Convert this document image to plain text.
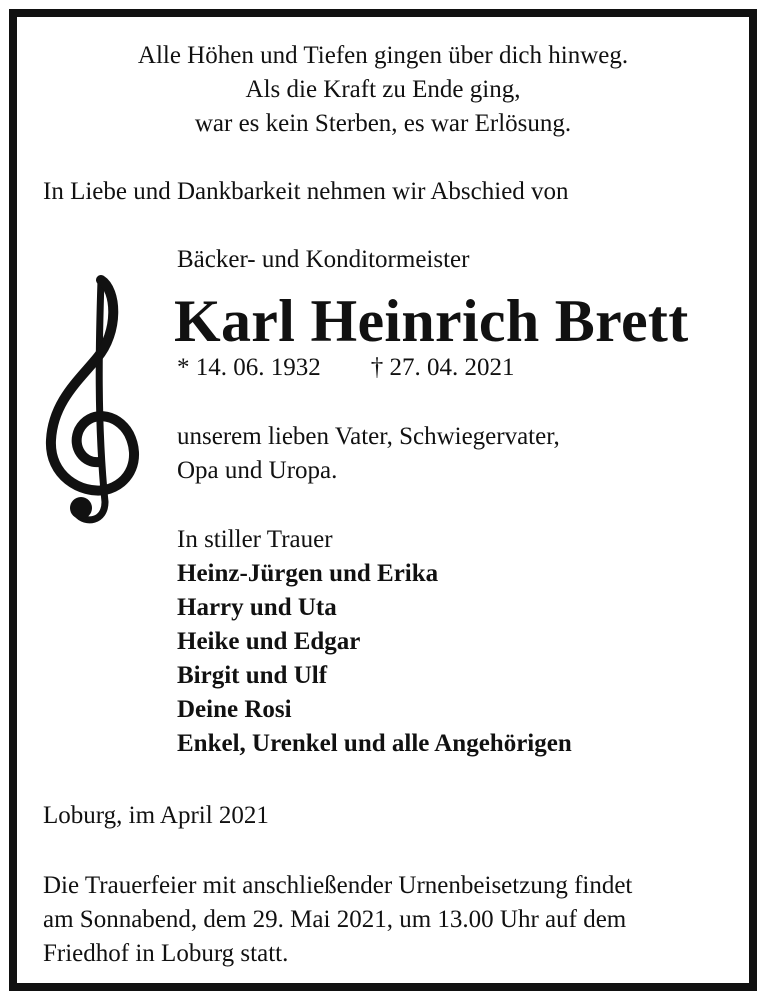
Alle Höhen und Tiefen gingen über dich hinweg.
Als die Kraft zu Ende ging,
war es kein Sterben, es war Erlösung.
In Liebe und Dankbarkeit nehmen wir Abschied von
Bäcker- und Konditormeister
Karl Heinrich Brett
* 14. 06. 1932 † 27. 04. 2021
unserem lieben Vater, Schwiegervater,
Opa und Uropa.
In stiller Trauer
Heinz-Jürgen und Erika
Harry und Uta
Heike und Edgar
Birgit und Ulf
Deine Rosi
Enkel, Urenkel und alle Angehörigen
Loburg, im April 2021
Die Trauerfeier mit anschließender Urnenbeisetzung findet
am Sonnabend, dem 29. Mai 2021, um 13.00 Uhr auf dem
Friedhof in Loburg statt.
